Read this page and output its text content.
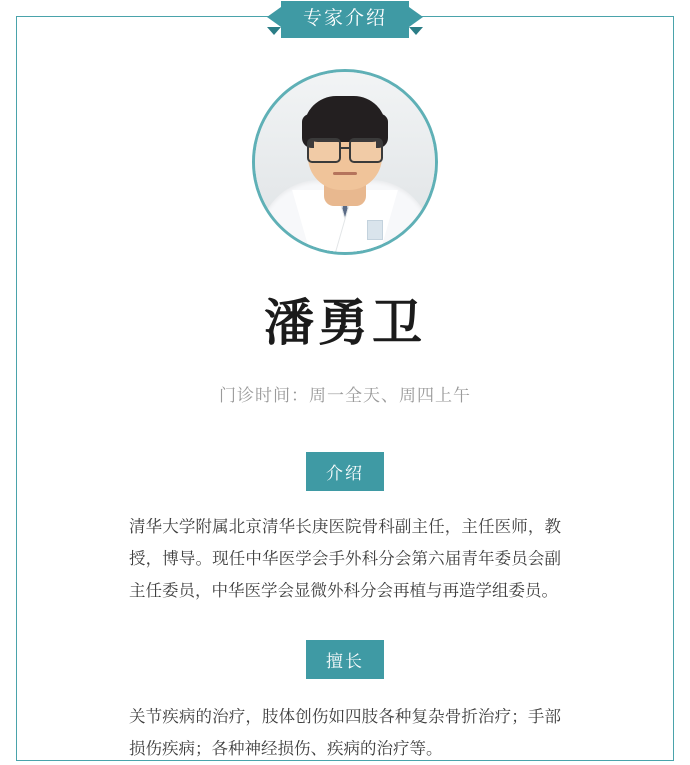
专家介绍
潘勇卫
门诊时间：周一全天、周四上午
介绍
清华大学附属北京清华长庚医院骨科副主任，主任医师，教授，博导。现任中华医学会手外科分会第六届青年委员会副主任委员，中华医学会显微外科分会再植与再造学组委员。
擅长
关节疾病的治疗，肢体创伤如四肢各种复杂骨折治疗；手部损伤疾病；各种神经损伤、疾病的治疗等。
